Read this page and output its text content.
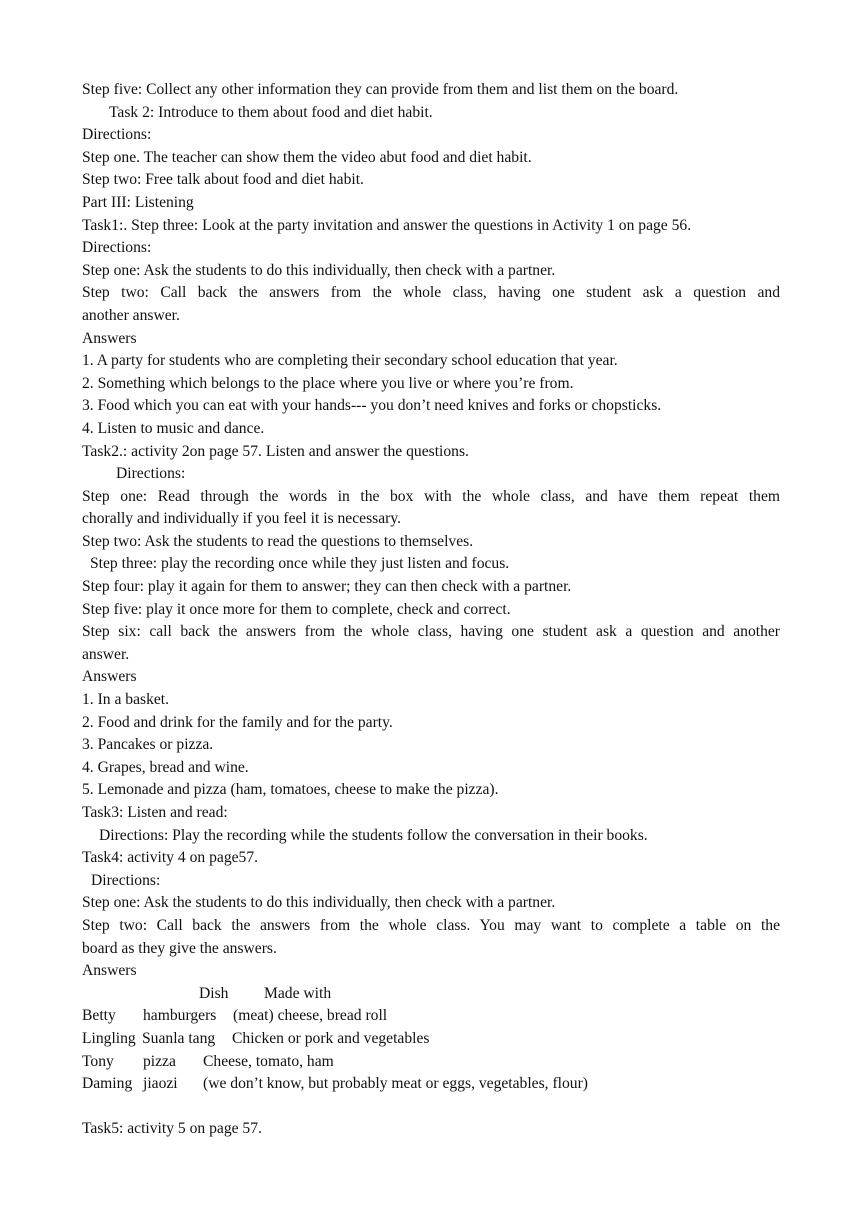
Step five: Collect any other information they can provide from them and list them on the board.
Task 2: Introduce to them about food and diet habit.
Directions:
Step one. The teacher can show them the video abut food and diet habit.
Step two: Free talk about food and diet habit.
Part III: Listening
Task1:. Step three: Look at the party invitation and answer the questions in Activity 1 on page 56.
Directions:
Step one: Ask the students to do this individually, then check with a partner.
Step two: Call back the answers from the whole class, having one student ask a question and
another answer.
Answers
1. A party for students who are completing their secondary school education that year.
2. Something which belongs to the place where you live or where you’re from.
3. Food which you can eat with your hands--- you don’t need knives and forks or chopsticks.
4. Listen to music and dance.
Task2.: activity 2on page 57. Listen and answer the questions.
Directions:
Step one: Read through the words in the box with the whole class, and have them repeat them
chorally and individually if you feel it is necessary.
Step two: Ask the students to read the questions to themselves.
Step three: play the recording once while they just listen and focus.
Step four: play it again for them to answer; they can then check with a partner.
Step five: play it once more for them to complete, check and correct.
Step six: call back the answers from the whole class, having one student ask a question and another
answer.
Answers
1. In a basket.
2. Food and drink for the family and for the party.
3. Pancakes or pizza.
4. Grapes, bread and wine.
5. Lemonade and pizza (ham, tomatoes, cheese to make the pizza).
Task3: Listen and read:
Directions: Play the recording while the students follow the conversation in their books.
Task4: activity 4 on page57.
Directions:
Step one: Ask the students to do this individually, then check with a partner.
Step two: Call back the answers from the whole class. You may want to complete a table on the
board as they give the answers.
Answers
Dish Made with
Betty hamburgers (meat) cheese, bread roll
Lingling Suanla tang Chicken or pork and vegetables
Tony pizza Cheese, tomato, ham
Daming jiaozi (we don’t know, but probably meat or eggs, vegetables, flour)
Task5: activity 5 on page 57.
